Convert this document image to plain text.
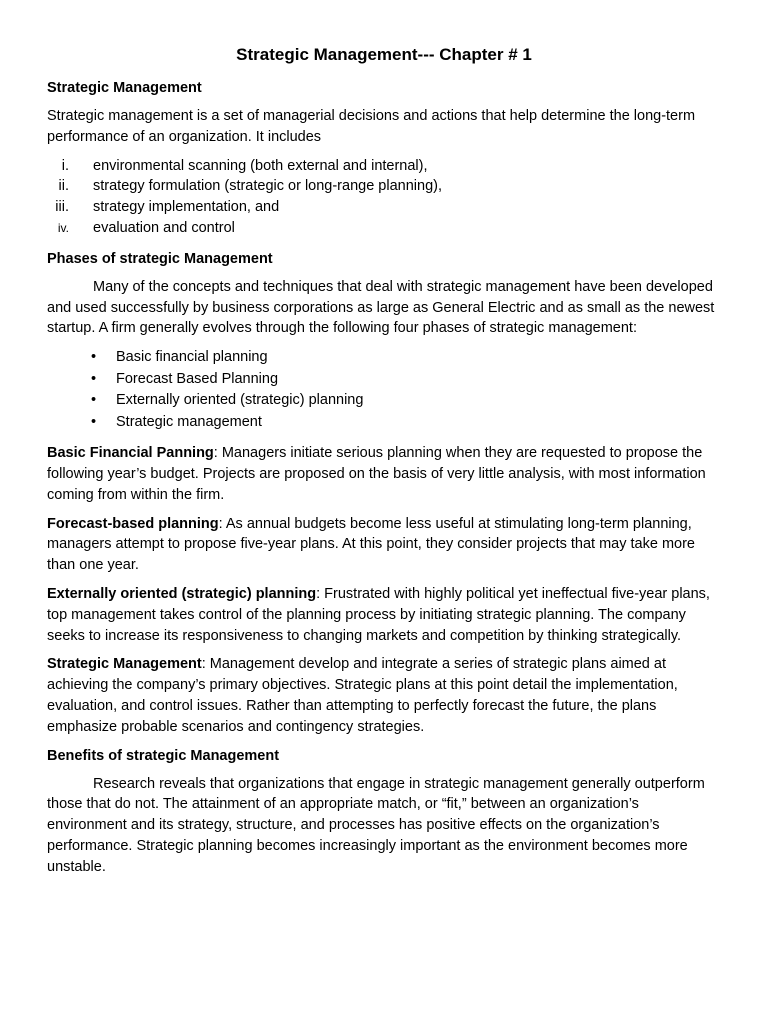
Strategic Management--- Chapter # 1
Strategic Management

Strategic management is a set of managerial decisions and actions that help determine the long-term performance of an organization. It includes

i. environmental scanning (both external and internal),
ii. strategy formulation (strategic or long-range planning),
iii. strategy implementation, and
iv. evaluation and control
Phases of strategic Management

Many of the concepts and techniques that deal with strategic management have been developed and used successfully by business corporations as large as General Electric and as small as the newest startup. A firm generally evolves through the following four phases of strategic management:

• Basic financial planning
• Forecast Based Planning
• Externally oriented (strategic) planning
• Strategic management

Basic Financial Panning: Managers initiate serious planning when they are requested to propose the following year’s budget. Projects are proposed on the basis of very little analysis, with most information coming from within the firm.

Forecast-based planning: As annual budgets become less useful at stimulating long-term planning, managers attempt to propose five-year plans. At this point, they consider projects that may take more than one year.

Externally oriented (strategic) planning: Frustrated with highly political yet ineffectual five-year plans, top management takes control of the planning process by initiating strategic planning. The company seeks to increase its responsiveness to changing markets and competition by thinking strategically.

Strategic Management: Management develop and integrate a series of strategic plans aimed at achieving the company’s primary objectives. Strategic plans at this point detail the implementation, evaluation, and control issues. Rather than attempting to perfectly forecast the future, the plans emphasize probable scenarios and contingency strategies.

Benefits of strategic Management

Research reveals that organizations that engage in strategic management generally outperform those that do not. The attainment of an appropriate match, or “fit,” between an organization’s environment and its strategy, structure, and processes has positive effects on the organization’s performance. Strategic planning becomes increasingly important as the environment becomes more unstable.
